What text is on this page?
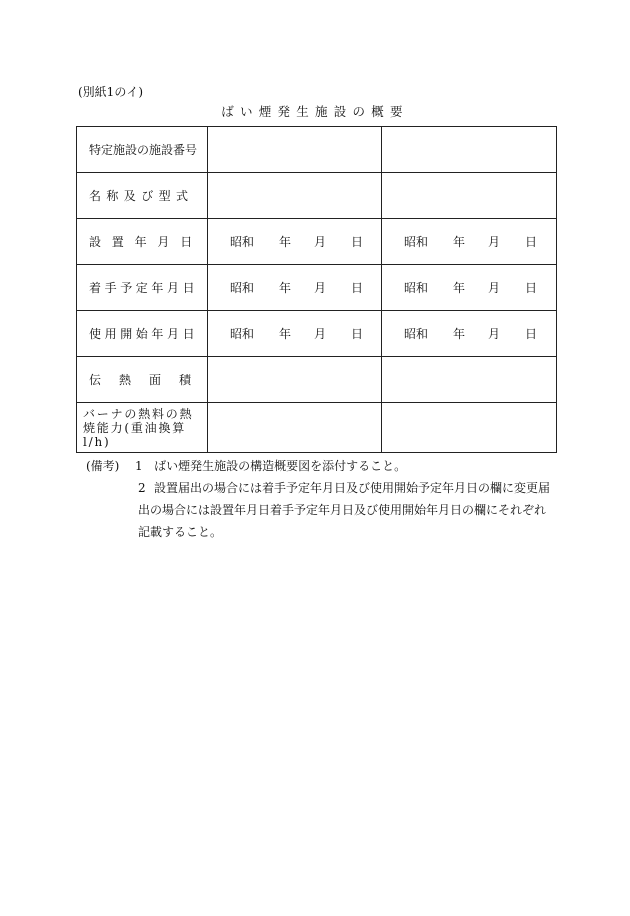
(別紙1のイ)
ばい煙発生施設の概要
特定施設の施設番号		
名称及び型式		
設置年月日	昭和 年 月 日	昭和 年 月 日

着手予定年月日	昭和 年 月 日	昭和 年 月 日

使用開始年月日	昭和 年 月 日	昭和 年 月 日

伝熱面積		
バーナの熱料の熱焼能力(重油換算l/h)		
(備考) 1 ばい煙発生施設の構造概要図を添付すること。
2 設置届出の場合には着手予定年月日及び使用開始予定年月日の欄に変更届出の場合には設置年月日着手予定年月日及び使用開始年月日の欄にそれぞれ記載すること。
